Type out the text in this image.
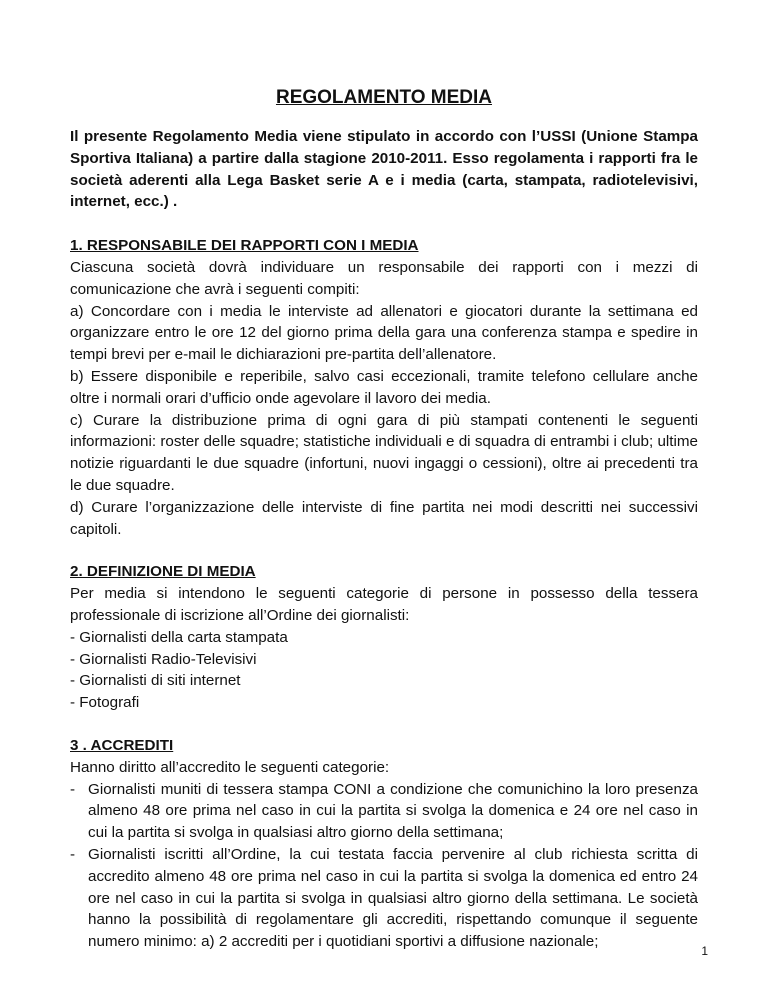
REGOLAMENTO MEDIA

Il presente Regolamento Media viene stipulato in accordo con l’USSI (Unione Stampa Sportiva Italiana) a partire dalla stagione 2010-2011. Esso regolamenta i rapporti fra le società aderenti alla Lega Basket serie A e i media (carta, stampata, radiotelevisivi, internet, ecc.) .

1. RESPONSABILE DEI RAPPORTI CON I MEDIA

Ciascuna società dovrà individuare un responsabile dei rapporti con i mezzi di comunicazione che avrà i seguenti compiti:

a) Concordare con i media le interviste ad allenatori e giocatori durante la settimana ed organizzare entro le ore 12 del giorno prima della gara una conferenza stampa e spedire in tempi brevi per e-mail le dichiarazioni pre-partita dell’allenatore.

b) Essere disponibile e reperibile, salvo casi eccezionali, tramite telefono cellulare anche oltre i normali orari d’ufficio onde agevolare il lavoro dei media.

c) Curare la distribuzione prima di ogni gara di più stampati contenenti le seguenti informazioni: roster delle squadre; statistiche individuali e di squadra di entrambi i club; ultime notizie riguardanti le due squadre (infortuni, nuovi ingaggi o cessioni), oltre ai precedenti tra le due squadre.

d) Curare l’organizzazione delle interviste di fine partita nei modi descritti nei successivi capitoli.

2. DEFINIZIONE DI MEDIA

Per media si intendono le seguenti categorie di persone in possesso della tessera professionale di iscrizione all’Ordine dei giornalisti:

- Giornalisti della carta stampata
- Giornalisti Radio-Televisivi
- Giornalisti di siti internet
- Fotografi

3 . ACCREDITI

Hanno diritto all’accredito le seguenti categorie:

- Giornalisti muniti di tessera stampa CONI a condizione che comunichino la loro presenza almeno 48 ore prima nel caso in cui la partita si svolga la domenica e 24 ore nel caso in cui la partita si svolga in qualsiasi altro giorno della settimana;
- Giornalisti iscritti all’Ordine, la cui testata faccia pervenire al club richiesta scritta di accredito almeno 48 ore prima nel caso in cui la partita si svolga la domenica ed entro 24 ore nel caso in cui la partita si svolga in qualsiasi altro giorno della settimana. Le società hanno la possibilità di regolamentare gli accrediti, rispettando comunque il seguente numero minimo: a) 2 accrediti per i quotidiani sportivi a diffusione nazionale;
1
